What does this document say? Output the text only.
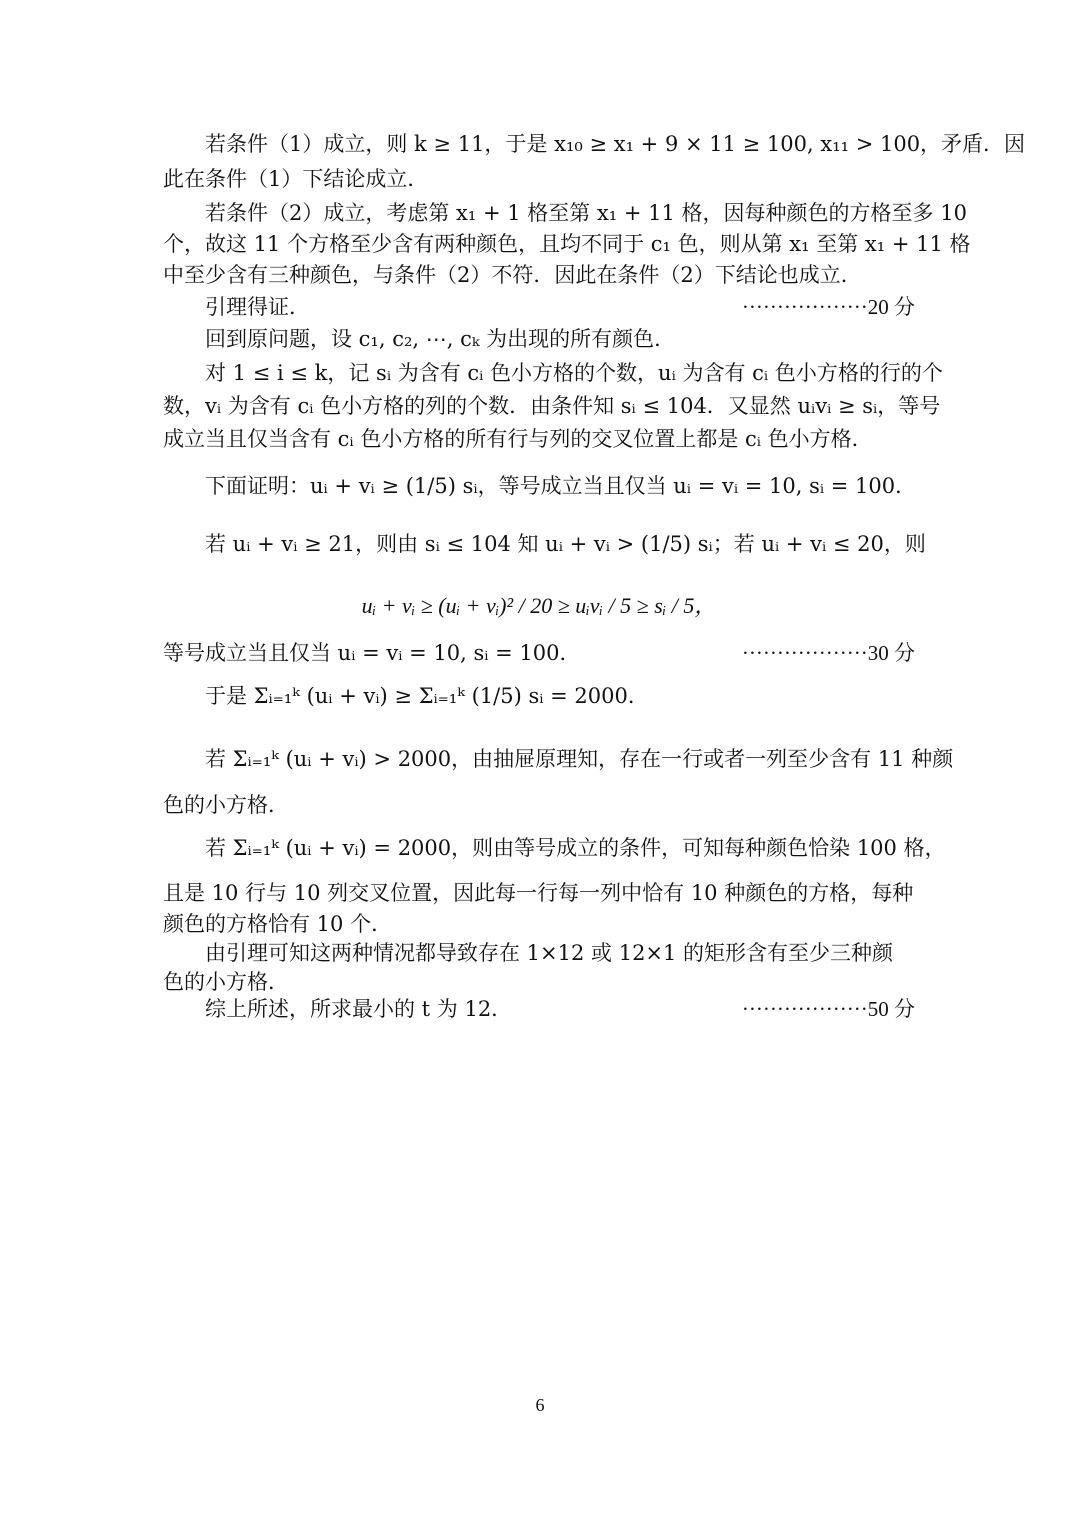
若条件（1）成立，则 k ≥ 11，于是 x₁₀ ≥ x₁ + 9 × 11 ≥ 100, x₁₁ > 100，矛盾．因
此在条件（1）下结论成立．
若条件（2）成立，考虑第 x₁ + 1 格至第 x₁ + 11 格，因每种颜色的方格至多 10
个，故这 11 个方格至少含有两种颜色，且均不同于 c₁ 色，则从第 x₁ 至第 x₁ + 11 格
中至少含有三种颜色，与条件（2）不符．因此在条件（2）下结论也成立．
引理得证．	··················20 分
回到原问题，设 c₁, c₂, ⋯, cₖ 为出现的所有颜色．
对 1 ≤ i ≤ k，记 sᵢ 为含有 cᵢ 色小方格的个数，uᵢ 为含有 cᵢ 色小方格的行的个
数，vᵢ 为含有 cᵢ 色小方格的列的个数．由条件知 sᵢ ≤ 104．又显然 uᵢvᵢ ≥ sᵢ，等号
成立当且仅当含有 cᵢ 色小方格的所有行与列的交叉位置上都是 cᵢ 色小方格．
下面证明：uᵢ + vᵢ ≥ (1/5) sᵢ，等号成立当且仅当 uᵢ = vᵢ = 10, sᵢ = 100．
若 uᵢ + vᵢ ≥ 21，则由 sᵢ ≤ 104 知 uᵢ + vᵢ > (1/5) sᵢ；若 uᵢ + vᵢ ≤ 20，则
uᵢ + vᵢ ≥ (uᵢ + vᵢ)² / 20 ≥ uᵢvᵢ / 5 ≥ sᵢ / 5，
等号成立当且仅当 uᵢ = vᵢ = 10, sᵢ = 100．	··················30 分
于是 Σᵢ₌₁ᵏ (uᵢ + vᵢ) ≥ Σᵢ₌₁ᵏ (1/5) sᵢ = 2000．
若 Σᵢ₌₁ᵏ (uᵢ + vᵢ) > 2000，由抽屉原理知，存在一行或者一列至少含有 11 种颜
色的小方格．
若 Σᵢ₌₁ᵏ (uᵢ + vᵢ) = 2000，则由等号成立的条件，可知每种颜色恰染 100 格，
且是 10 行与 10 列交叉位置，因此每一行每一列中恰有 10 种颜色的方格，每种
颜色的方格恰有 10 个．
由引理可知这两种情况都导致存在 1×12 或 12×1 的矩形含有至少三种颜
色的小方格．
综上所述，所求最小的 t 为 12．	··················50 分
6
